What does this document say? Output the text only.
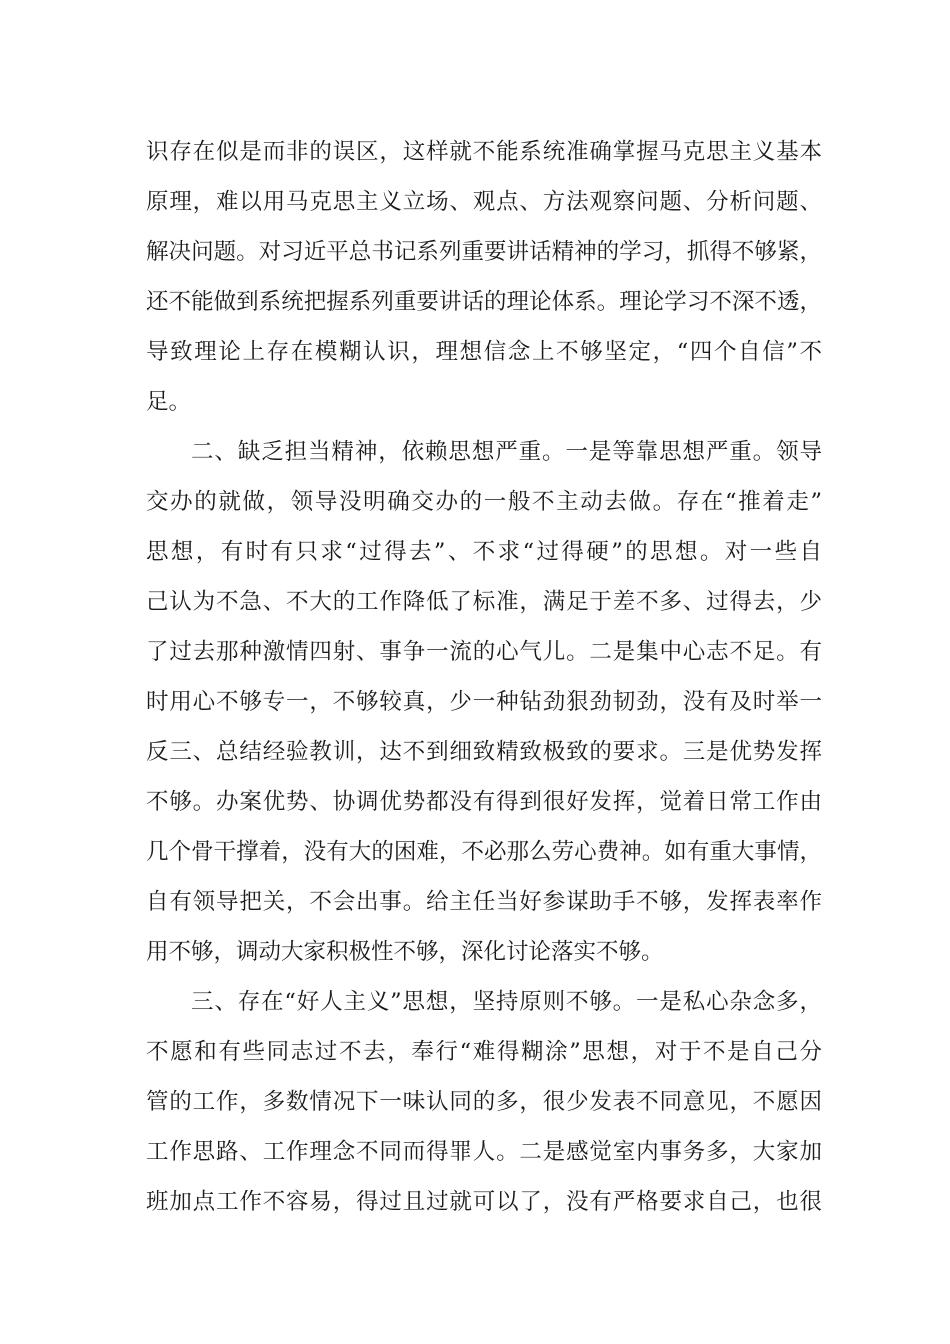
识存在似是而非的误区，这样就不能系统准确掌握马克思主义基本
原理，难以用马克思主义立场、观点、方法观察问题、分析问题、
解决问题。对习近平总书记系列重要讲话精神的学习，抓得不够紧，
还不能做到系统把握系列重要讲话的理论体系。理论学习不深不透，
导致理论上存在模糊认识，理想信念上不够坚定，“四个自信”不
足。
二、缺乏担当精神，依赖思想严重。一是等靠思想严重。领导
交办的就做，领导没明确交办的一般不主动去做。存在“推着走”
思想，有时有只求“过得去”、不求“过得硬”的思想。对一些自
己认为不急、不大的工作降低了标准，满足于差不多、过得去，少
了过去那种激情四射、事争一流的心气儿。二是集中心志不足。有
时用心不够专一，不够较真，少一种钻劲狠劲韧劲，没有及时举一
反三、总结经验教训，达不到细致精致极致的要求。三是优势发挥
不够。办案优势、协调优势都没有得到很好发挥，觉着日常工作由
几个骨干撑着，没有大的困难，不必那么劳心费神。如有重大事情，
自有领导把关，不会出事。给主任当好参谋助手不够，发挥表率作
用不够，调动大家积极性不够，深化讨论落实不够。
三、存在“好人主义”思想，坚持原则不够。一是私心杂念多，
不愿和有些同志过不去，奉行“难得糊涂”思想，对于不是自己分
管的工作，多数情况下一味认同的多，很少发表不同意见，不愿因
工作思路、工作理念不同而得罪人。二是感觉室内事务多，大家加
班加点工作不容易，得过且过就可以了，没有严格要求自己，也很
